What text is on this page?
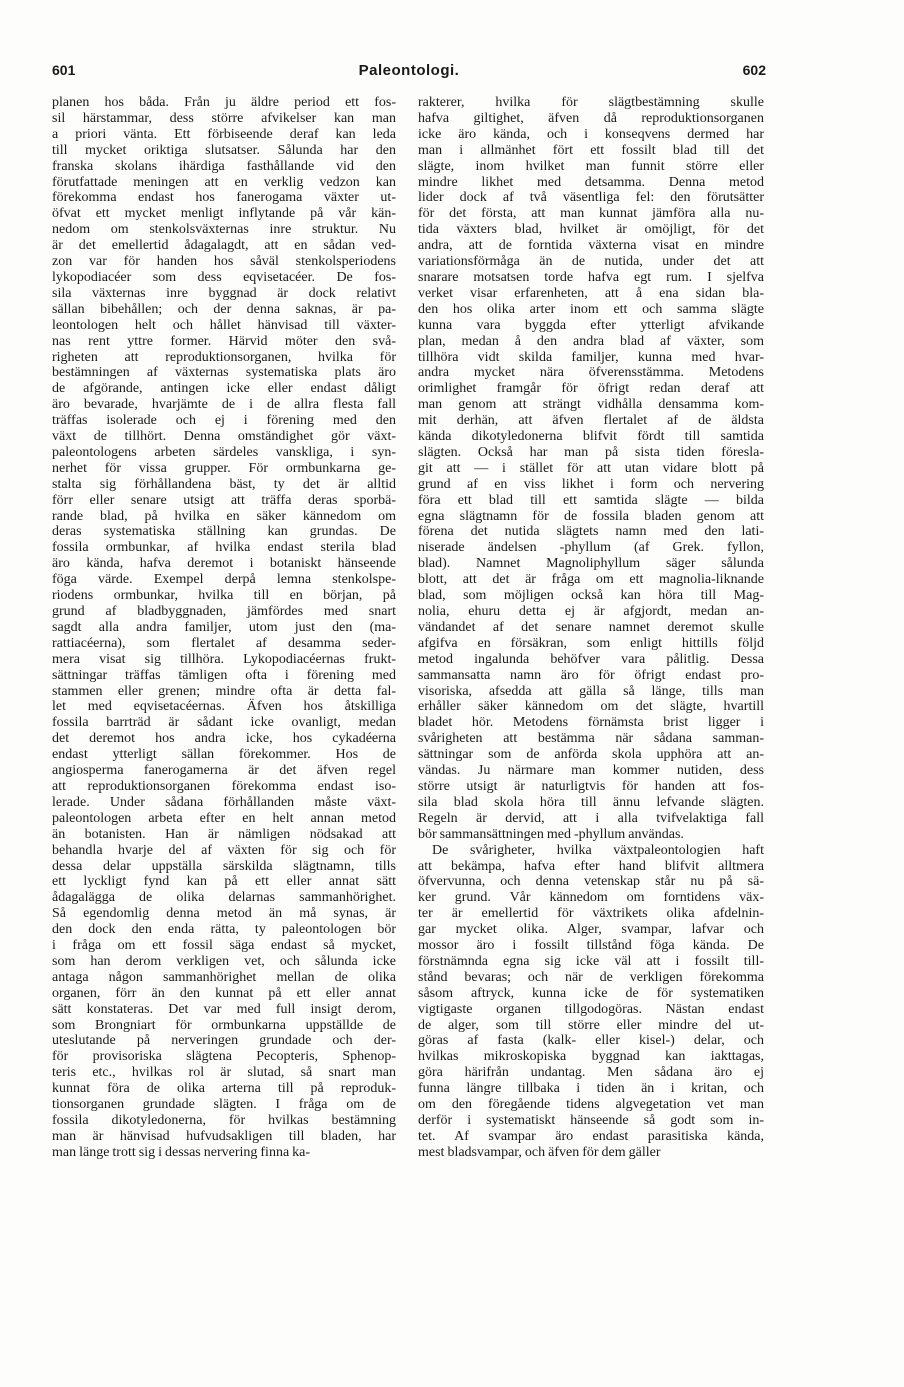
601	Paleontologi.	602

planen hos båda. Från ju äldre period ett fos-

sil härstammar, dess större afvikelser kan man

a priori vänta. Ett förbiseende deraf kan leda

till mycket oriktiga slutsatser. Sålunda har den

franska skolans ihärdiga fasthållande vid den

förutfattade meningen att en verklig vedzon kan

förekomma endast hos fanerogama växter ut-

öfvat ett mycket menligt inflytande på vår kän-

nedom om stenkolsväxternas inre struktur. Nu

är det emellertid ådagalagdt, att en sådan ved-

zon var för handen hos såväl stenkolsperiodens

lykopodiacéer som dess eqvisetacéer. De fos-

sila växternas inre byggnad är dock relativt

sällan bibehållen; och der denna saknas, är pa-

leontologen helt och hållet hänvisad till växter-

nas rent yttre former. Härvid möter den svå-

righeten att reproduktionsorganen, hvilka för

bestämningen af växternas systematiska plats äro

de afgörande, antingen icke eller endast dåligt

äro bevarade, hvarjämte de i de allra flesta fall

träffas isolerade och ej i förening med den

växt de tillhört. Denna omständighet gör växt-

paleontologens arbeten särdeles vanskliga, i syn-

nerhet för vissa grupper. För ormbunkarna ge-

stalta sig förhållandena bäst, ty det är alltid

förr eller senare utsigt att träffa deras sporbä-

rande blad, på hvilka en säker kännedom om

deras systematiska ställning kan grundas. De

fossila ormbunkar, af hvilka endast sterila blad

äro kända, hafva deremot i botaniskt hänseende

föga värde. Exempel derpå lemna stenkolspe-

riodens ormbunkar, hvilka till en början, på

grund af bladbyggnaden, jämfördes med snart

sagdt alla andra familjer, utom just den (ma-

rattiacéerna), som flertalet af desamma seder-

mera visat sig tillhöra. Lykopodiacéernas frukt-

sättningar träffas tämligen ofta i förening med

stammen eller grenen; mindre ofta är detta fal-

let med eqvisetacéernas. Äfven hos åtskilliga

fossila barrträd är sådant icke ovanligt, medan

det deremot hos andra icke, hos cykadéerna

endast ytterligt sällan förekommer. Hos de

angiosperma fanerogamerna är det äfven regel

att reproduktionsorganen förekomma endast iso-

lerade. Under sådana förhållanden måste växt-

paleontologen arbeta efter en helt annan metod

än botanisten. Han är nämligen nödsakad att

behandla hvarje del af växten för sig och för

dessa delar uppställa särskilda slägtnamn, tills

ett lyckligt fynd kan på ett eller annat sätt

ådagalägga de olika delarnas sammanhörighet.

Så egendomlig denna metod än må synas, är

den dock den enda rätta, ty paleontologen bör

i fråga om ett fossil säga endast så mycket,

som han derom verkligen vet, och sålunda icke

antaga någon sammanhörighet mellan de olika

organen, förr än den kunnat på ett eller annat

sätt konstateras. Det var med full insigt derom,

som Brongniart för ormbunkarna uppställde de

uteslutande på nerveringen grundade och der-

för provisoriska slägtena Pecopteris, Sphenop-

teris etc., hvilkas rol är slutad, så snart man

kunnat föra de olika arterna till på reproduk-

tionsorganen grundade slägten. I fråga om de

fossila dikotyledonerna, för hvilkas bestämning

man är hänvisad hufvudsakligen till bladen, har

man länge trott sig i dessas nervering finna ka-

rakterer, hvilka för slägtbestämning skulle

hafva giltighet, äfven då reproduktionsorganen

icke äro kända, och i konseqvens dermed har

man i allmänhet fört ett fossilt blad till det

slägte, inom hvilket man funnit större eller

mindre likhet med detsamma. Denna metod

lider dock af två väsentliga fel: den förutsätter

för det första, att man kunnat jämföra alla nu-

tida växters blad, hvilket är omöjligt, för det

andra, att de forntida växterna visat en mindre

variationsförmåga än de nutida, under det att

snarare motsatsen torde hafva egt rum. I sjelfva

verket visar erfarenheten, att å ena sidan bla-

den hos olika arter inom ett och samma slägte

kunna vara byggda efter ytterligt afvikande

plan, medan å den andra blad af växter, som

tillhöra vidt skilda familjer, kunna med hvar-

andra mycket nära öfverensstämma. Metodens

orimlighet framgår för öfrigt redan deraf att

man genom att strängt vidhålla densamma kom-

mit derhän, att äfven flertalet af de äldsta

kända dikotyledonerna blifvit fördt till samtida

slägten. Också har man på sista tiden föresla-

git att — i stället för att utan vidare blott på

grund af en viss likhet i form och nervering

föra ett blad till ett samtida slägte — bilda

egna slägtnamn för de fossila bladen genom att

förena det nutida slägtets namn med den lati-

niserade ändelsen -phyllum (af Grek. fyllon,

blad). Namnet Magnoliphyllum säger sålunda

blott, att det är fråga om ett magnolia-liknande

blad, som möjligen också kan höra till Mag-

nolia, ehuru detta ej är afgjordt, medan an-

vändandet af det senare namnet deremot skulle

afgifva en försäkran, som enligt hittills följd

metod ingalunda behöfver vara pålitlig. Dessa

sammansatta namn äro för öfrigt endast pro-

visoriska, afsedda att gälla så länge, tills man

erhåller säker kännedom om det slägte, hvartill

bladet hör. Metodens förnämsta brist ligger i

svårigheten att bestämma när sådana samman-

sättningar som de anförda skola upphöra att an-

vändas. Ju närmare man kommer nutiden, dess

större utsigt är naturligtvis för handen att fos-

sila blad skola höra till ännu lefvande slägten.

Regeln är dervid, att i alla tvifvelaktiga fall

bör sammansättningen med -phyllum användas.

De svårigheter, hvilka växtpaleontologien haft

att bekämpa, hafva efter hand blifvit alltmera

öfvervunna, och denna vetenskap står nu på sä-

ker grund. Vår kännedom om forntidens väx-

ter är emellertid för växtrikets olika afdelnin-

gar mycket olika. Alger, svampar, lafvar och

mossor äro i fossilt tillstånd föga kända. De

förstnämnda egna sig icke väl att i fossilt till-

stånd bevaras; och när de verkligen förekomma

såsom aftryck, kunna icke de för systematiken

vigtigaste organen tillgodogöras. Nästan endast

de alger, som till större eller mindre del ut-

göras af fasta (kalk- eller kisel-) delar, och

hvilkas mikroskopiska byggnad kan iakttagas,

göra härifrån undantag. Men sådana äro ej

funna längre tillbaka i tiden än i kritan, och

om den föregående tidens algvegetation vet man

derför i systematiskt hänseende så godt som in-

tet. Af svampar äro endast parasitiska kända,

mest bladsvampar, och äfven för dem gäller
